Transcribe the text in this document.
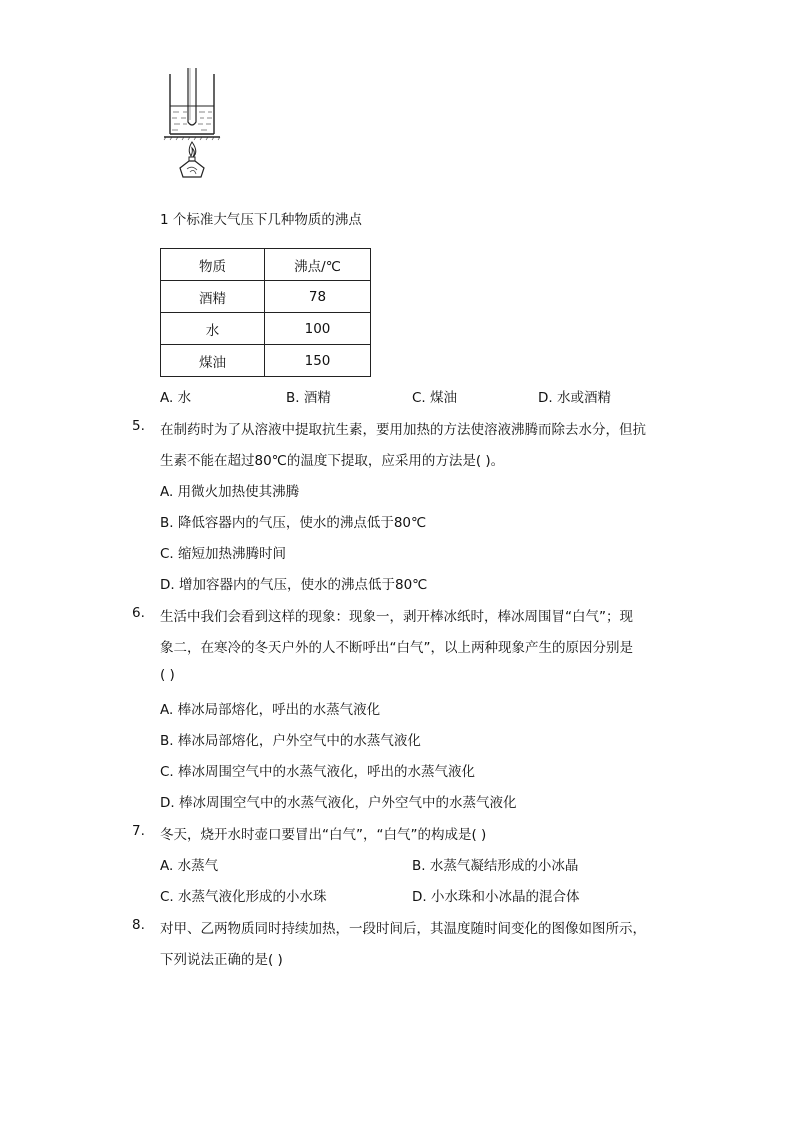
1 个标准大气压下几种物质的沸点
物质	沸点/℃
酒精	78
水	100
煤油	150
A. 水	B. 酒精	C. 煤油	D. 水或酒精
5. 在制药时为了从溶液中提取抗生素，要用加热的方法使溶液沸腾而除去水分，但抗
生素不能在超过80℃的温度下提取，应采用的方法是( )。
A. 用微火加热使其沸腾
B. 降低容器内的气压，使水的沸点低于80℃
C. 缩短加热沸腾时间
D. 增加容器内的气压，使水的沸点低于80℃
6. 生活中我们会看到这样的现象：现象一，剥开棒冰纸时，棒冰周围冒“白气”；现
象二，在寒冷的冬天户外的人不断呼出“白气”，以上两种现象产生的原因分别是
( )
A. 棒冰局部熔化，呼出的水蒸气液化
B. 棒冰局部熔化，户外空气中的水蒸气液化
C. 棒冰周围空气中的水蒸气液化，呼出的水蒸气液化
D. 棒冰周围空气中的水蒸气液化，户外空气中的水蒸气液化
7. 冬天，烧开水时壶口要冒出“白气”，“白气”的构成是( )
A. 水蒸气	B. 水蒸气凝结形成的小冰晶
C. 水蒸气液化形成的小水珠	D. 小水珠和小冰晶的混合体
8. 对甲、乙两物质同时持续加热，一段时间后，其温度随时间变化的图像如图所示，
下列说法正确的是( )
